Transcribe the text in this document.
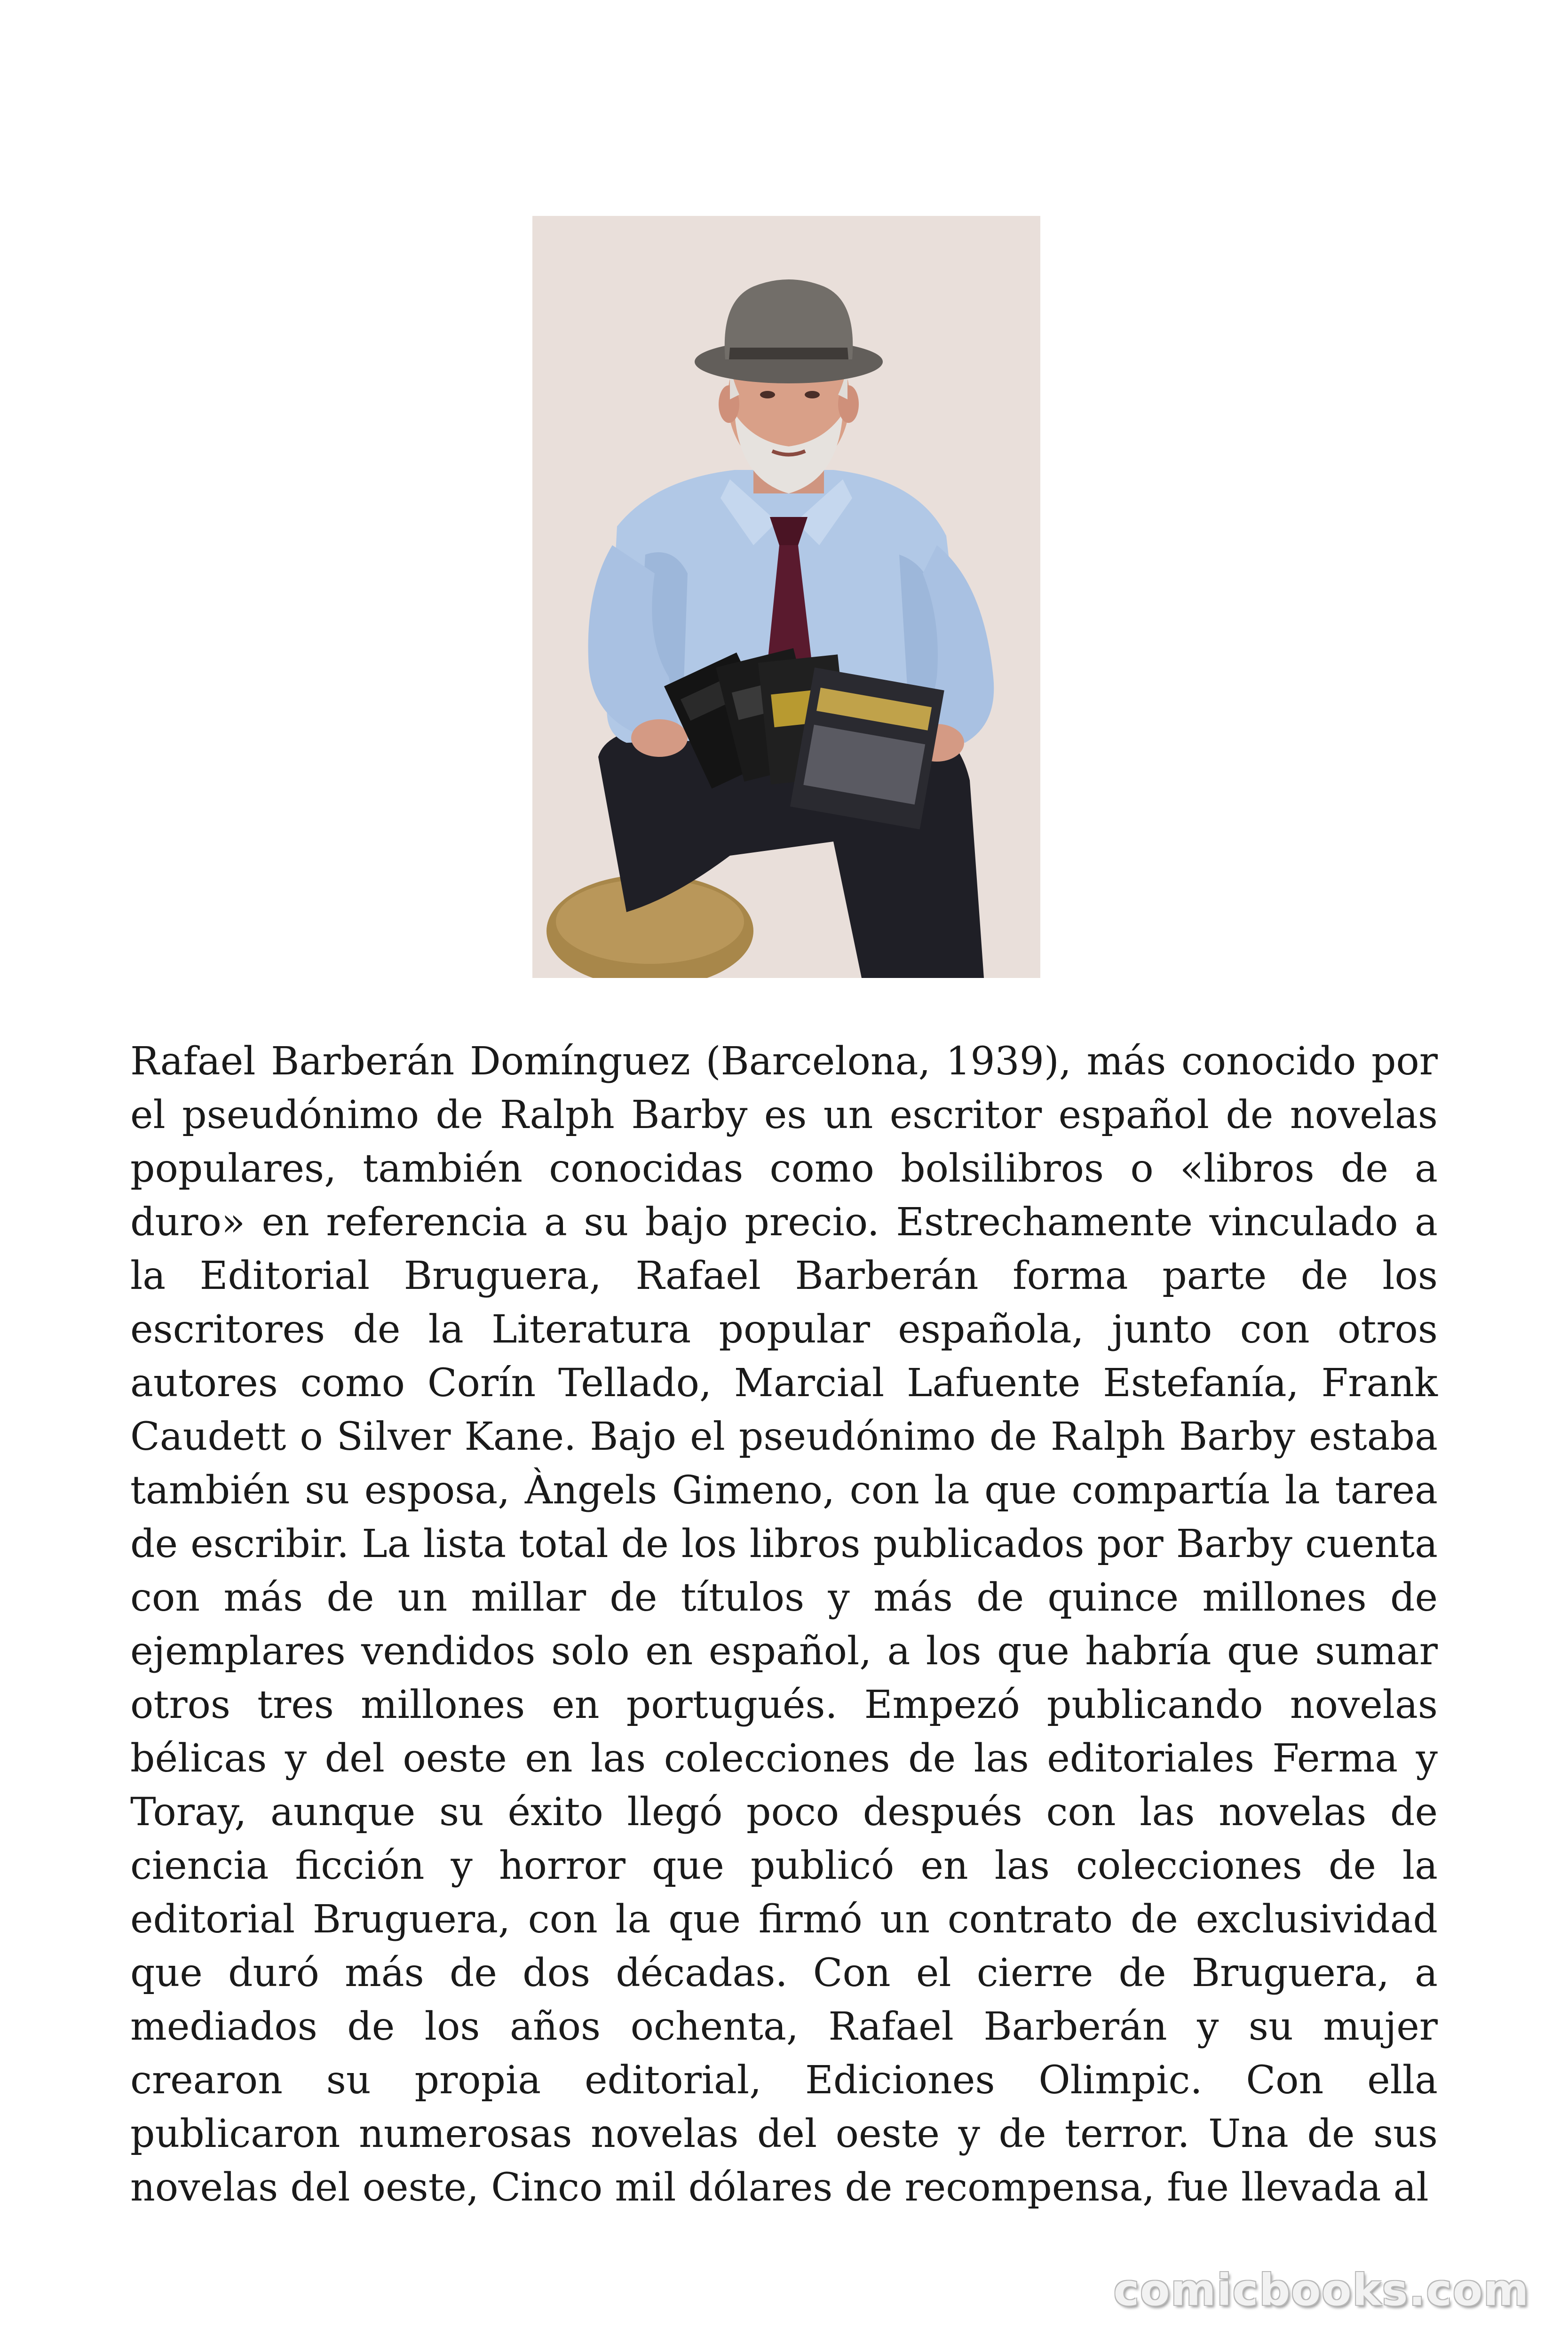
Rafael Barberán Domínguez (Barcelona, 1939), más conocido por el pseudónimo de Ralph Barby es un escritor español de novelas populares, también conocidas como bolsilibros o «libros de a duro» en referencia a su bajo precio. Estrechamente vinculado a la Editorial Bruguera, Rafael Barberán forma parte de los escritores de la Literatura popular española, junto con otros autores como Corín Tellado, Marcial Lafuente Estefanía, Frank Caudett o Silver Kane. Bajo el pseudónimo de Ralph Barby estaba también su esposa, Àngels Gimeno, con la que compartía la tarea de escribir. La lista total de los libros publicados por Barby cuenta con más de un millar de títulos y más de quince millones de ejemplares vendidos solo en español, a los que habría que sumar otros tres millones en portugués. Empezó publicando novelas bélicas y del oeste en las colecciones de las editoriales Ferma y Toray, aunque su éxito llegó poco después con las novelas de ciencia ficción y horror que publicó en las colecciones de la editorial Bruguera, con la que firmó un contrato de exclusividad que duró más de dos décadas. Con el cierre de Bruguera, a mediados de los años ochenta, Rafael Barberán y su mujer crearon su propia editorial, Ediciones Olimpic. Con ella publicaron numerosas novelas del oeste y de terror. Una de sus novelas del oeste, Cinco mil dólares de recompensa, fue llevada al

comicbooks.com
